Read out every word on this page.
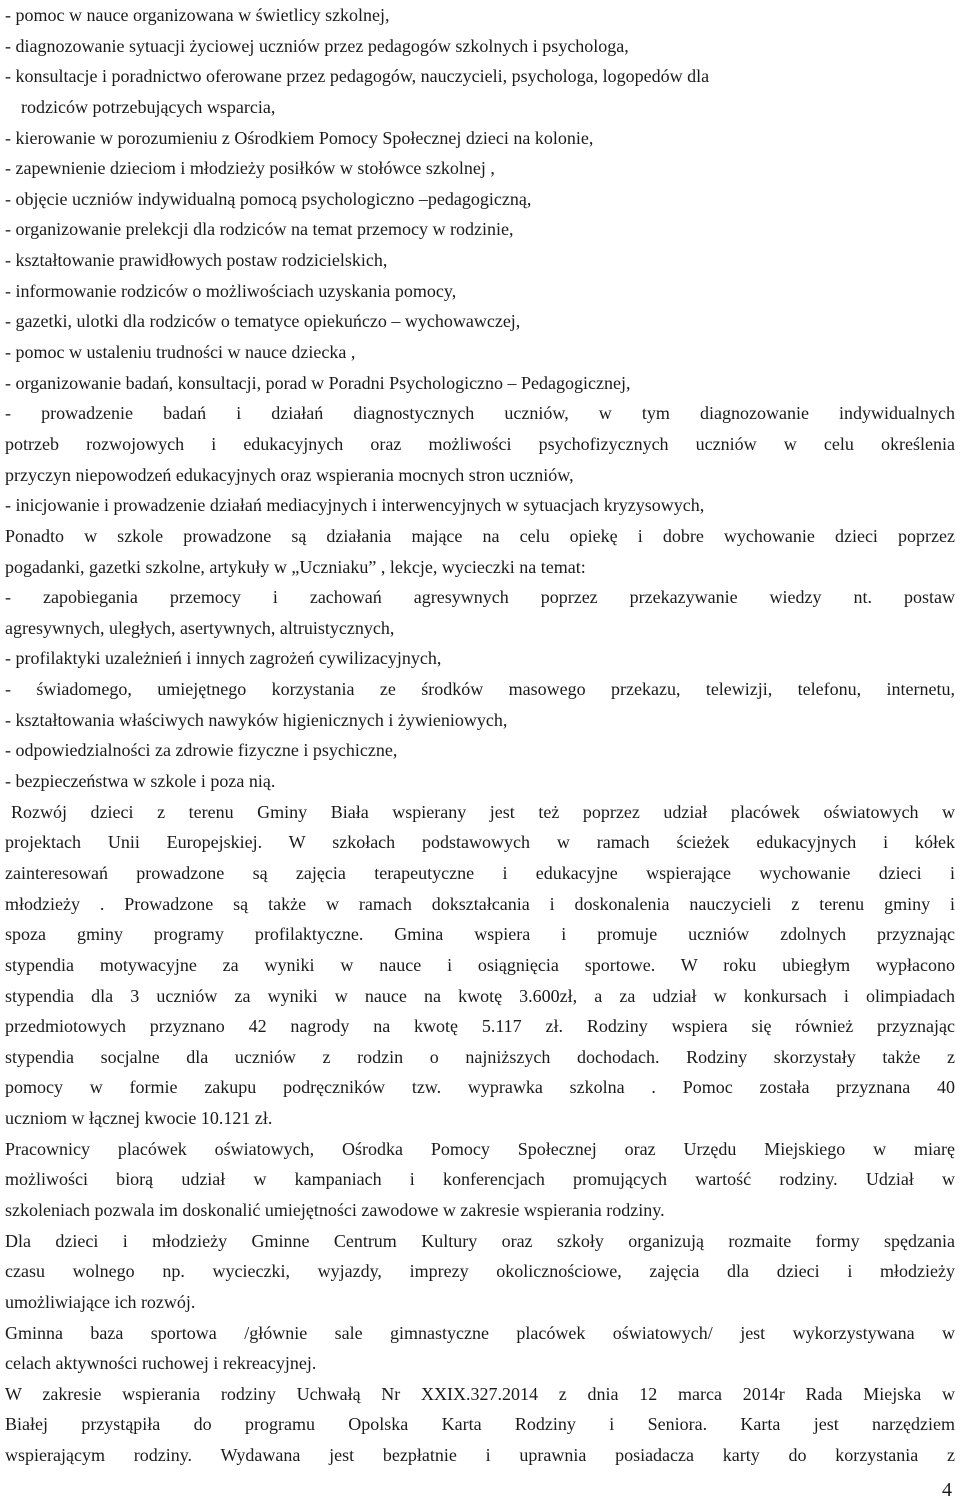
- pomoc w nauce organizowana w świetlicy szkolnej,
- diagnozowanie sytuacji życiowej uczniów przez pedagogów szkolnych i psychologa,
- konsultacje i poradnictwo oferowane przez pedagogów, nauczycieli, psychologa, logopedów dla
rodziców potrzebujących wsparcia,
- kierowanie w porozumieniu z Ośrodkiem Pomocy Społecznej dzieci na kolonie,
- zapewnienie dzieciom i młodzieży posiłków w stołówce szkolnej ,
- objęcie uczniów indywidualną pomocą psychologiczno –pedagogiczną,
- organizowanie prelekcji dla rodziców na temat przemocy w rodzinie,
- kształtowanie prawidłowych postaw rodzicielskich,
- informowanie rodziców o możliwościach uzyskania pomocy,
- gazetki, ulotki dla rodziców o tematyce opiekuńczo – wychowawczej,
- pomoc w ustaleniu trudności w nauce dziecka ,
- organizowanie badań, konsultacji, porad w Poradni Psychologiczno – Pedagogicznej,
- prowadzenie badań i działań diagnostycznych uczniów, w tym diagnozowanie indywidualnych
potrzeb rozwojowych i edukacyjnych oraz możliwości psychofizycznych uczniów w celu określenia
przyczyn niepowodzeń edukacyjnych oraz wspierania mocnych stron uczniów,
- inicjowanie i prowadzenie działań mediacyjnych i interwencyjnych w sytuacjach kryzysowych,
Ponadto w szkole prowadzone są działania mające na celu opiekę i dobre wychowanie dzieci poprzez
pogadanki, gazetki szkolne, artykuły w „Uczniaku” , lekcje, wycieczki na temat:
- zapobiegania przemocy i zachowań agresywnych poprzez przekazywanie wiedzy nt. postaw
agresywnych, uległych, asertywnych, altruistycznych,
- profilaktyki uzależnień i innych zagrożeń cywilizacyjnych,
- świadomego, umiejętnego korzystania ze środków masowego przekazu, telewizji, telefonu, internetu,
- kształtowania właściwych nawyków higienicznych i żywieniowych,
- odpowiedzialności za zdrowie fizyczne i psychiczne,
- bezpieczeństwa w szkole i poza nią.
Rozwój dzieci z terenu Gminy Biała wspierany jest też poprzez udział placówek oświatowych w
projektach Unii Europejskiej. W szkołach podstawowych w ramach ścieżek edukacyjnych i kółek
zainteresowań prowadzone są zajęcia terapeutyczne i edukacyjne wspierające wychowanie dzieci i
młodzieży . Prowadzone są także w ramach dokształcania i doskonalenia nauczycieli z terenu gminy i
spoza gminy programy profilaktyczne. Gmina wspiera i promuje uczniów zdolnych przyznając
stypendia motywacyjne za wyniki w nauce i osiągnięcia sportowe. W roku ubiegłym wypłacono
stypendia dla 3 uczniów za wyniki w nauce na kwotę 3.600zł, a za udział w konkursach i olimpiadach
przedmiotowych przyznano 42 nagrody na kwotę 5.117 zł. Rodziny wspiera się również przyznając
stypendia socjalne dla uczniów z rodzin o najniższych dochodach. Rodziny skorzystały także z
pomocy w formie zakupu podręczników tzw. wyprawka szkolna . Pomoc została przyznana 40
uczniom w łącznej kwocie 10.121 zł.
Pracownicy placówek oświatowych, Ośrodka Pomocy Społecznej oraz Urzędu Miejskiego w miarę
możliwości biorą udział w kampaniach i konferencjach promujących wartość rodziny. Udział w
szkoleniach pozwala im doskonalić umiejętności zawodowe w zakresie wspierania rodziny.
Dla dzieci i młodzieży Gminne Centrum Kultury oraz szkoły organizują rozmaite formy spędzania
czasu wolnego np. wycieczki, wyjazdy, imprezy okolicznościowe, zajęcia dla dzieci i młodzieży
umożliwiające ich rozwój.
Gminna baza sportowa /głównie sale gimnastyczne placówek oświatowych/ jest wykorzystywana w
celach aktywności ruchowej i rekreacyjnej.
W zakresie wspierania rodziny Uchwałą Nr XXIX.327.2014 z dnia 12 marca 2014r Rada Miejska w
Białej przystąpiła do programu Opolska Karta Rodziny i Seniora. Karta jest narzędziem
wspierającym rodziny. Wydawana jest bezpłatnie i uprawnia posiadacza karty do korzystania z
4
